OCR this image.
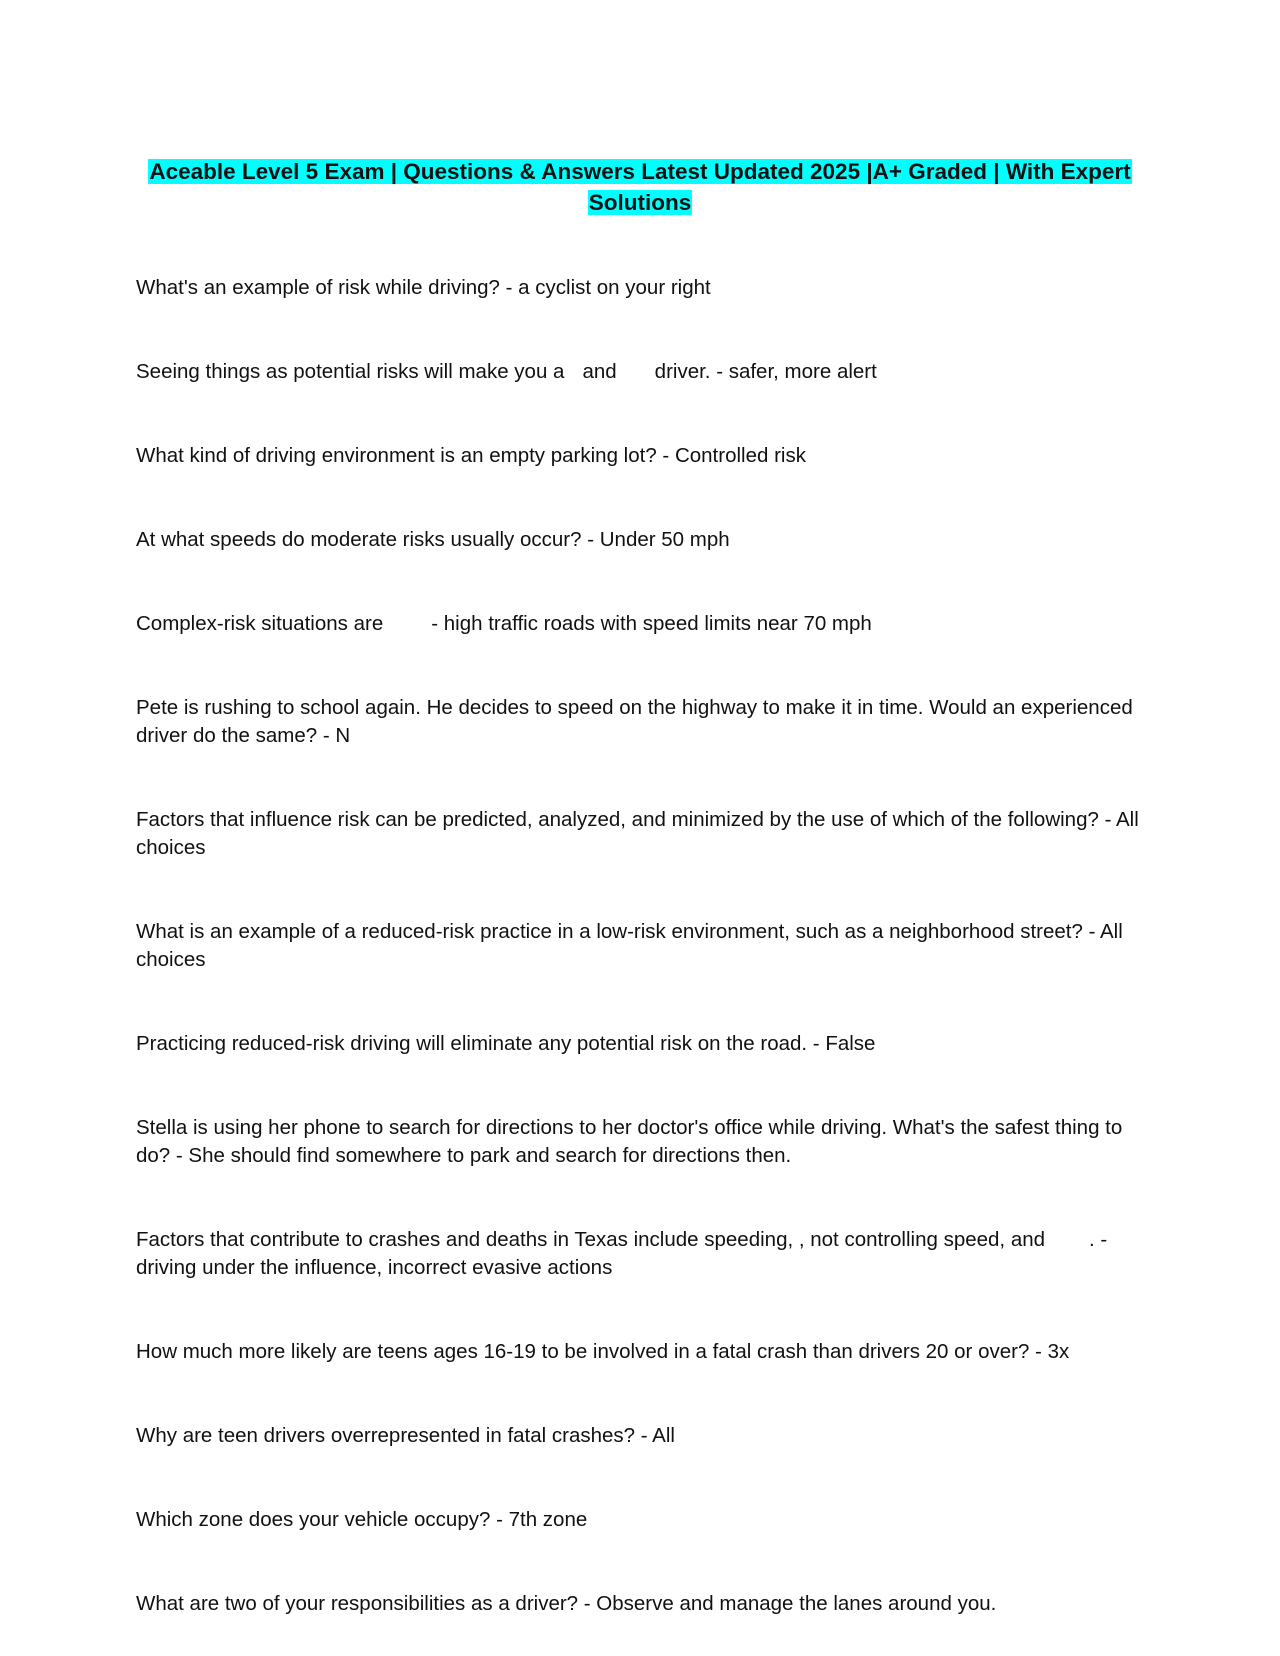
Aceable Level 5 Exam | Questions & Answers Latest Updated 2025 |A+ Graded | With Expert
Solutions

What's an example of risk while driving? - a cyclist on your right

Seeing things as potential risks will make you a and driver. - safer, more alert

What kind of driving environment is an empty parking lot? - Controlled risk

At what speeds do moderate risks usually occur? - Under 50 mph

Complex-risk situations are - high traffic roads with speed limits near 70 mph

Pete is rushing to school again. He decides to speed on the highway to make it in time. Would an experienced driver do the same? - N

Factors that influence risk can be predicted, analyzed, and minimized by the use of which of the following? - All choices

What is an example of a reduced-risk practice in a low-risk environment, such as a neighborhood street? - All choices

Practicing reduced-risk driving will eliminate any potential risk on the road. - False

Stella is using her phone to search for directions to her doctor's office while driving. What's the safest thing to do? - She should find somewhere to park and search for directions then.

Factors that contribute to crashes and deaths in Texas include speeding, , not controlling speed, and . -
driving under the influence, incorrect evasive actions

How much more likely are teens ages 16-19 to be involved in a fatal crash than drivers 20 or over? - 3x

Why are teen drivers overrepresented in fatal crashes? - All

Which zone does your vehicle occupy? - 7th zone

What are two of your responsibilities as a driver? - Observe and manage the lanes around you.
